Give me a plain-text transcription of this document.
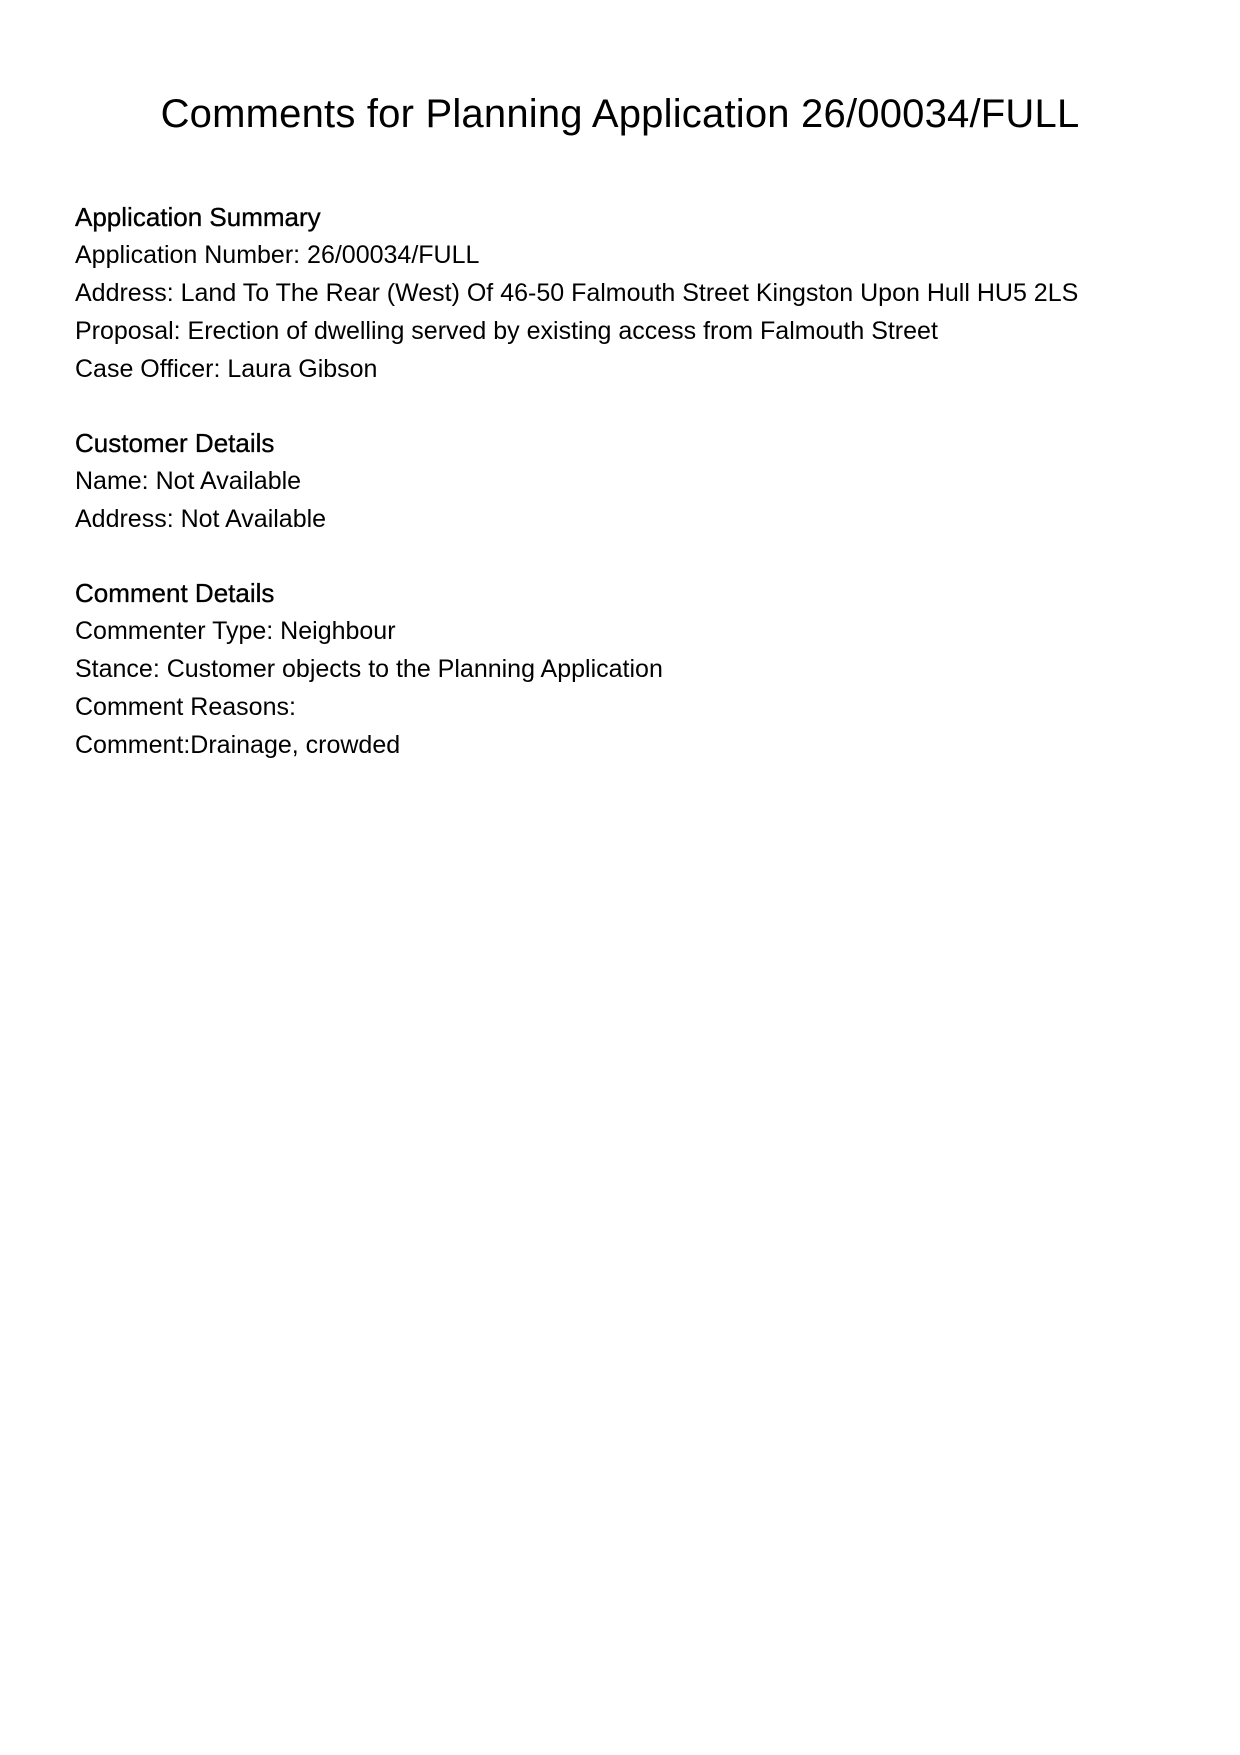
Comments for Planning Application 26/00034/FULL
Application Summary

Application Number: 26/00034/FULL

Address: Land To The Rear (West) Of 46-50 Falmouth Street Kingston Upon Hull HU5 2LS

Proposal: Erection of dwelling served by existing access from Falmouth Street

Case Officer: Laura Gibson

Customer Details

Name: Not Available

Address: Not Available

Comment Details

Commenter Type: Neighbour

Stance: Customer objects to the Planning Application

Comment Reasons:

Comment:Drainage, crowded
